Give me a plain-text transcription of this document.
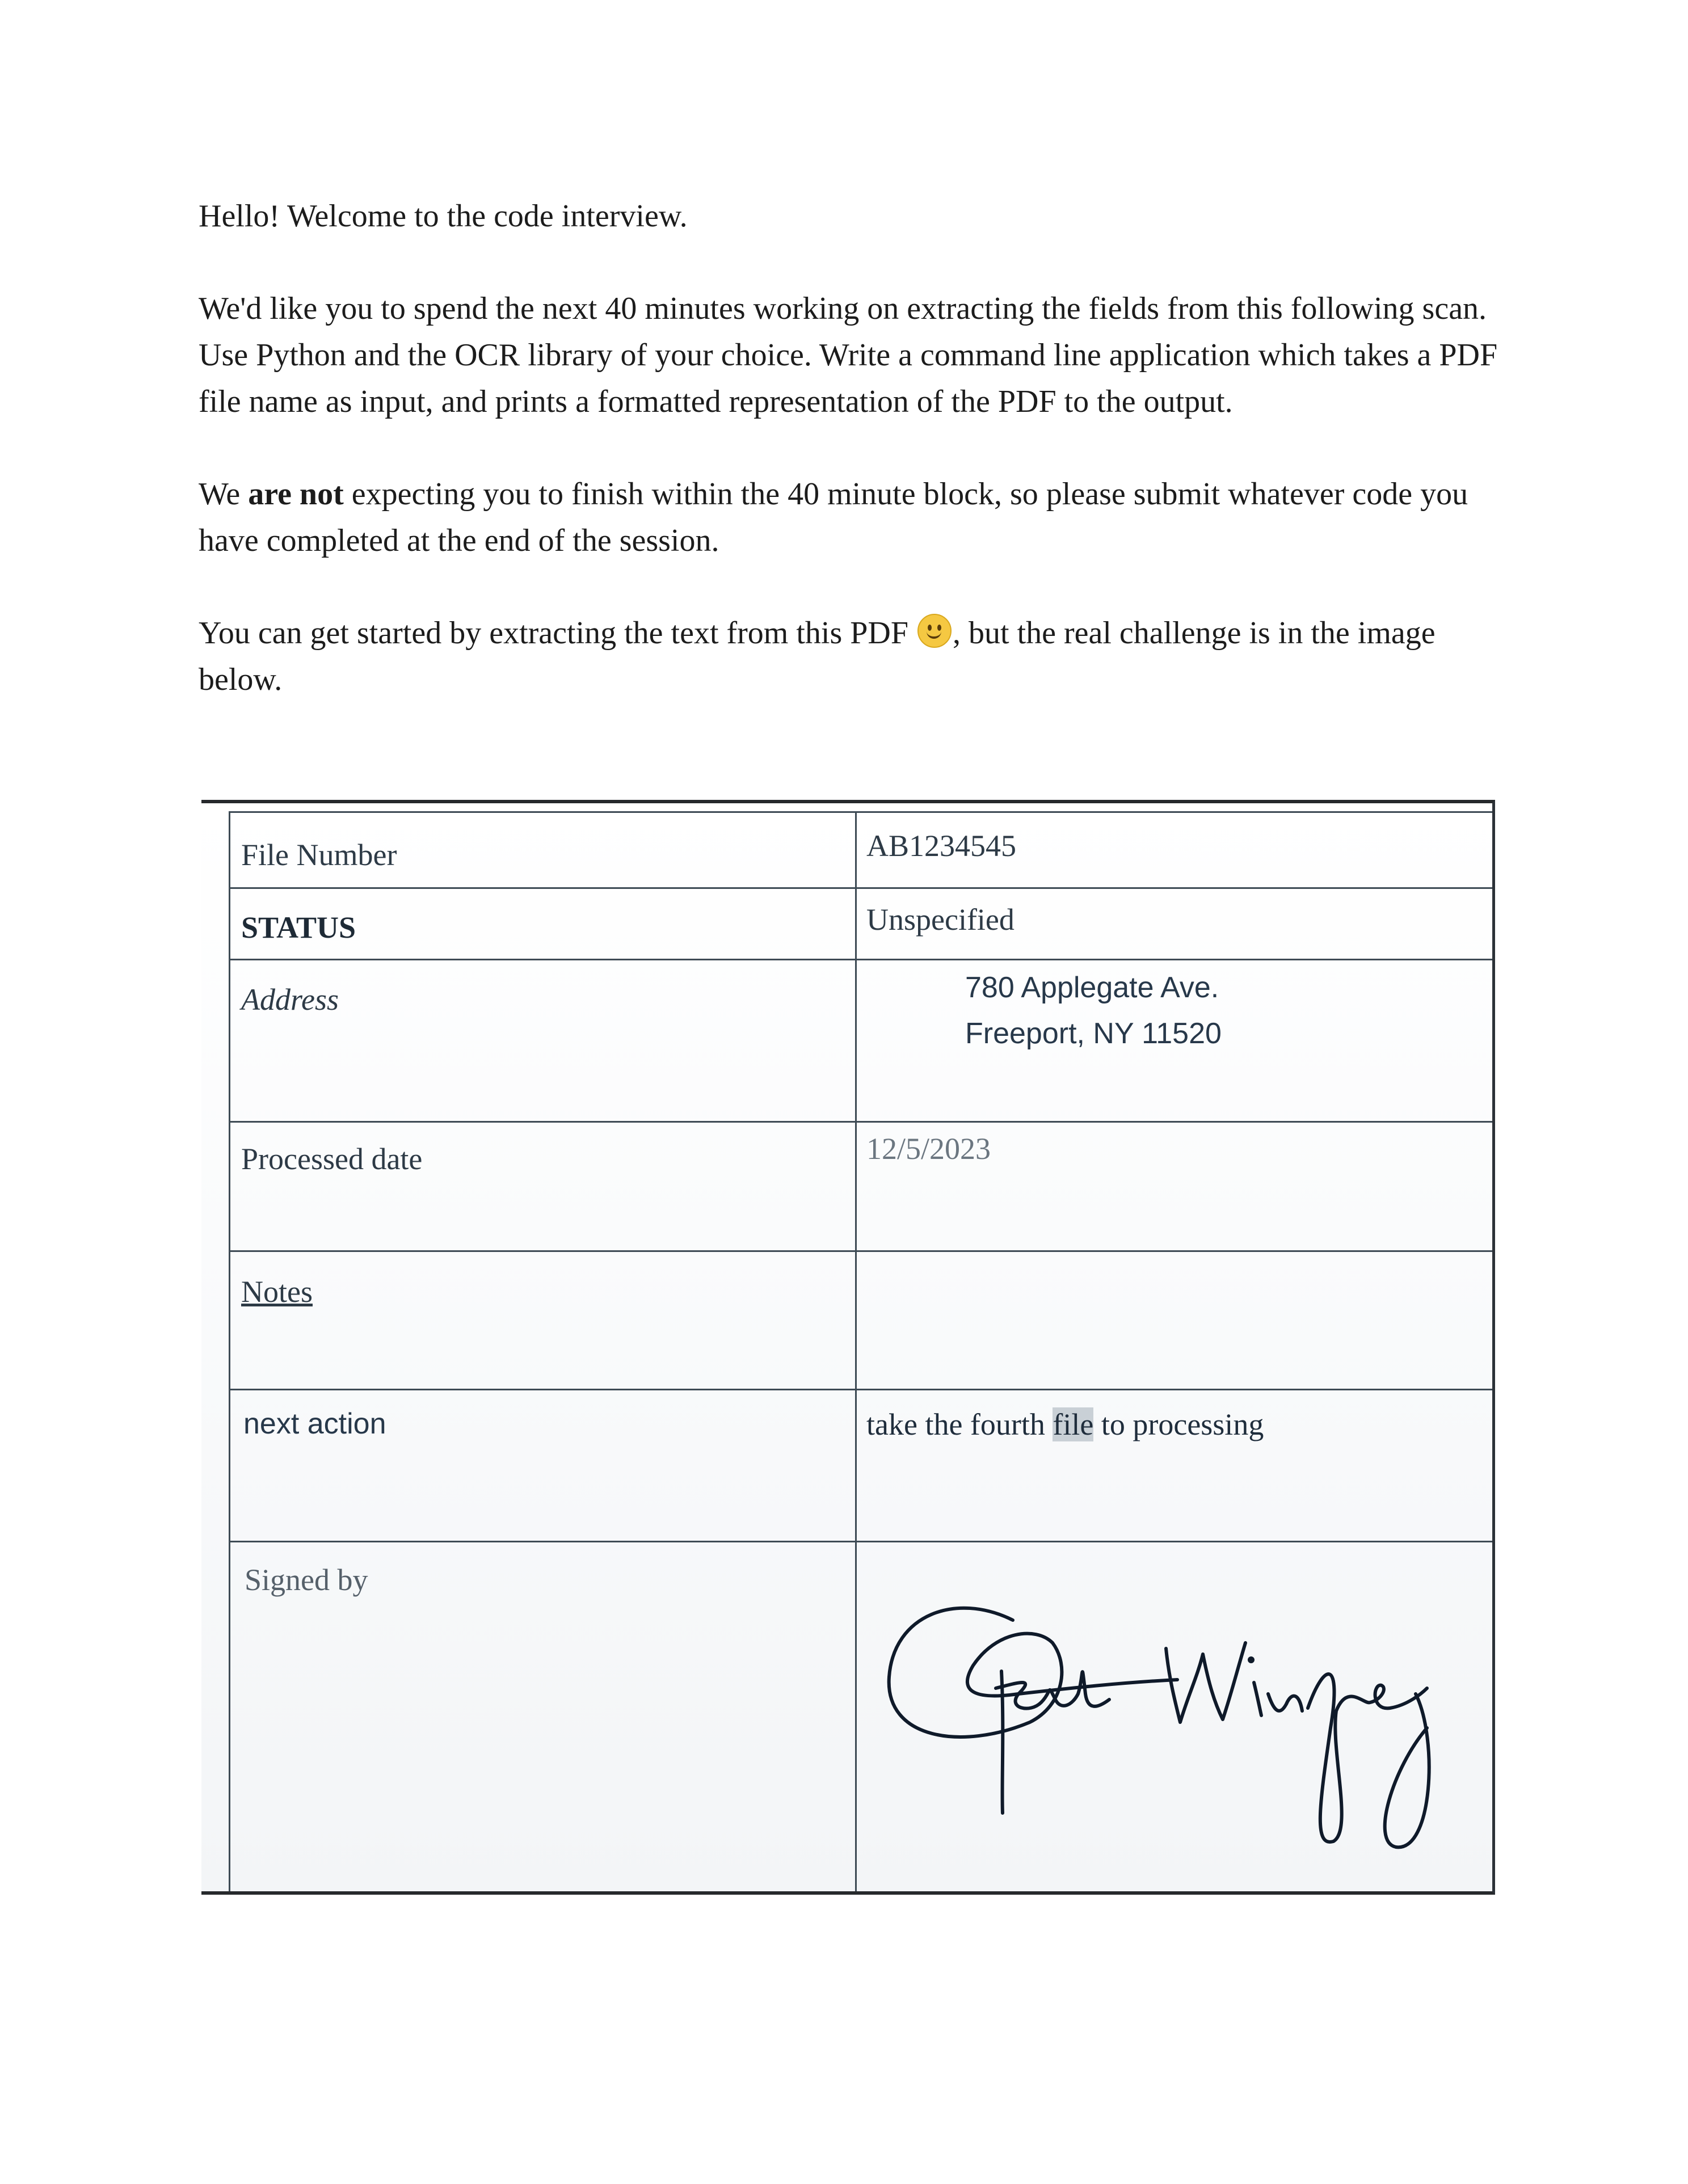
Hello! Welcome to the code interview.

We'd like you to spend the next 40 minutes working on extracting the fields from this following scan. Use Python and the OCR library of your choice. Write a command line application which takes a PDF file name as input, and prints a formatted representation of the PDF to the output.

We are not expecting you to finish within the 40 minute block, so please submit whatever code you have completed at the end of the session.

You can get started by extracting the text from this PDF
, but the real challenge is in the image below.

File Number	AB1234545
STATUS	Unspecified
Address	780 Applegate Ave.
Freeport, NY 11520
Processed date	12/5/2023
Notes
next action	take the fourth file to processing
Signed by
